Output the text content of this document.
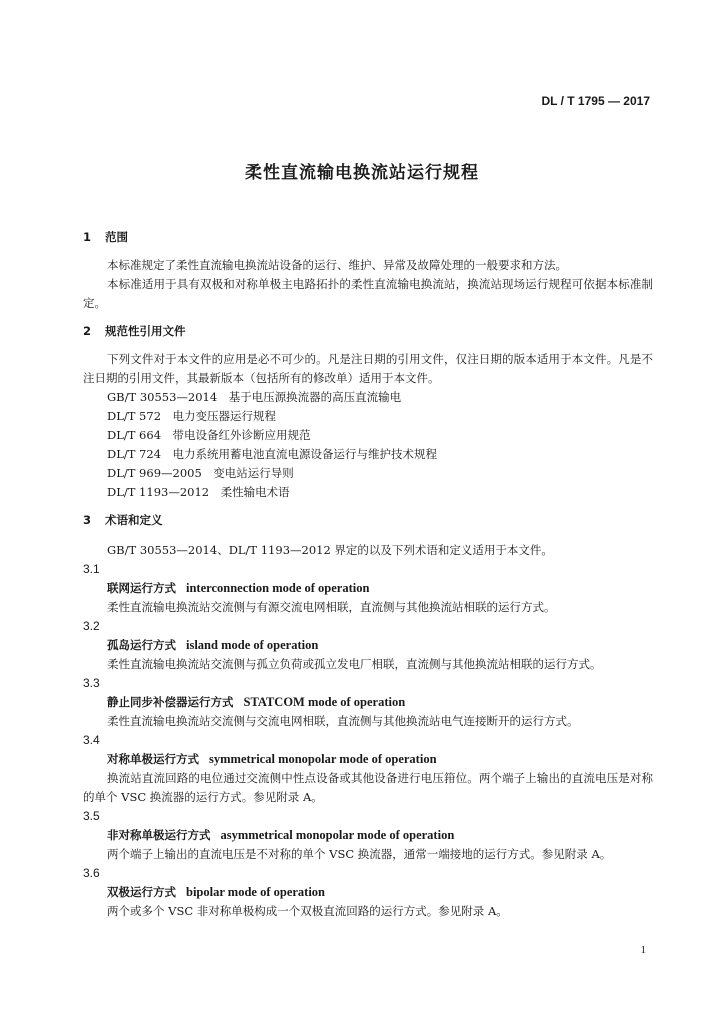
DL / T 1795 — 2017
柔性直流输电换流站运行规程
1 范围
本标准规定了柔性直流输电换流站设备的运行、维护、异常及故障处理的一般要求和方法。
本标准适用于具有双极和对称单极主电路拓扑的柔性直流输电换流站，换流站现场运行规程可依据本标准制定。
2 规范性引用文件
下列文件对于本文件的应用是必不可少的。凡是注日期的引用文件，仅注日期的版本适用于本文件。凡是不注日期的引用文件，其最新版本（包括所有的修改单）适用于本文件。
GB/T 30553—2014　基于电压源换流器的高压直流输电
DL/T 572　电力变压器运行规程
DL/T 664　带电设备红外诊断应用规范
DL/T 724　电力系统用蓄电池直流电源设备运行与维护技术规程
DL/T 969—2005　变电站运行导则
DL/T 1193—2012　柔性输电术语
3 术语和定义
GB/T 30553—2014、DL/T 1193—2012 界定的以及下列术语和定义适用于本文件。
3.1
联网运行方式 interconnection mode of operation
柔性直流输电换流站交流侧与有源交流电网相联，直流侧与其他换流站相联的运行方式。
3.2
孤岛运行方式 island mode of operation
柔性直流输电换流站交流侧与孤立负荷或孤立发电厂相联，直流侧与其他换流站相联的运行方式。
3.3
静止同步补偿器运行方式 STATCOM mode of operation
柔性直流输电换流站交流侧与交流电网相联，直流侧与其他换流站电气连接断开的运行方式。
3.4
对称单极运行方式 symmetrical monopolar mode of operation
换流站直流回路的电位通过交流侧中性点设备或其他设备进行电压箝位。两个端子上输出的直流电压是对称的单个 VSC 换流器的运行方式。参见附录 A。
3.5
非对称单极运行方式 asymmetrical monopolar mode of operation
两个端子上输出的直流电压是不对称的单个 VSC 换流器，通常一端接地的运行方式。参见附录 A。
3.6
双极运行方式 bipolar mode of operation
两个或多个 VSC 非对称单极构成一个双极直流回路的运行方式。参见附录 A。
1
